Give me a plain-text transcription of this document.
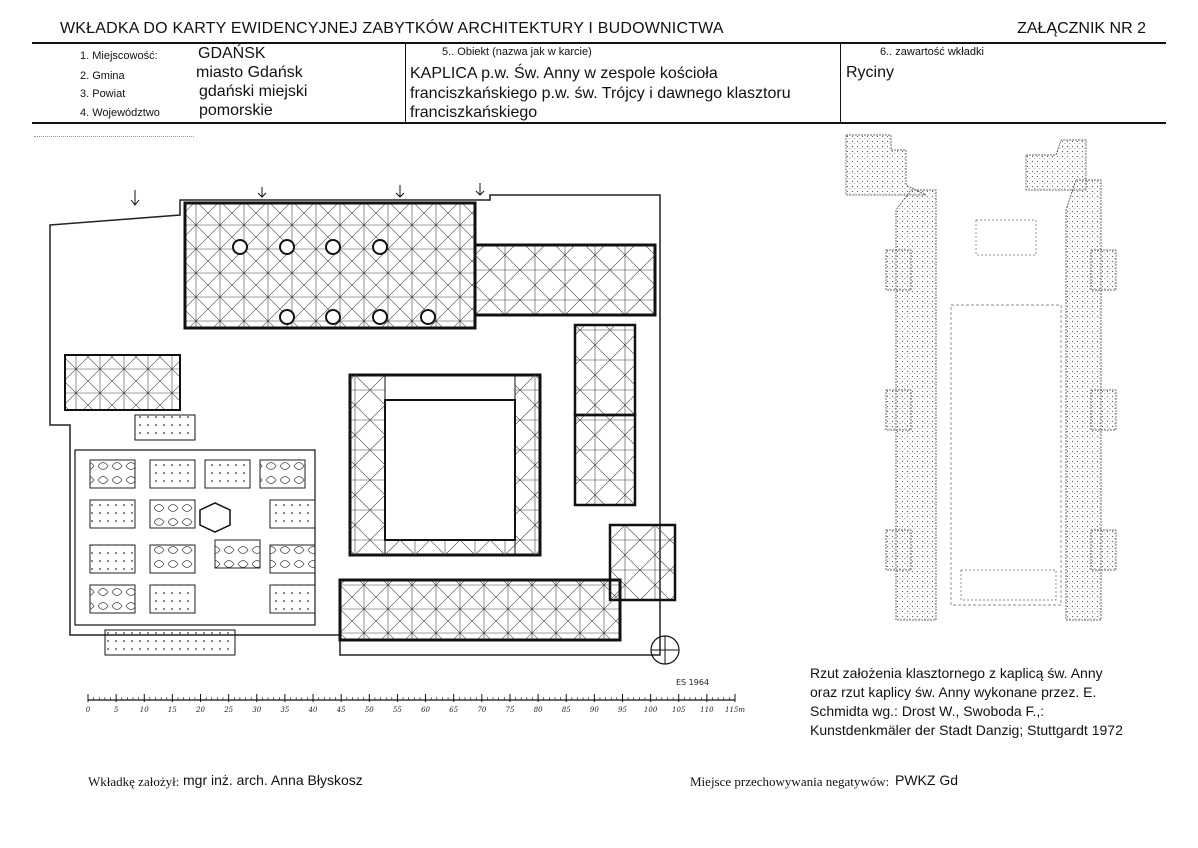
WKŁADKA DO KARTY EWIDENCYJNEJ ZABYTKÓW ARCHITEKTURY I BUDOWNICTWA	ZAŁĄCZNIK NR 2
1. Miejscowość:	GDAŃSK
2. Gmina	miasto Gdańsk
3. Powiat	gdański miejski
4. Województwo pomorskie
5.. Obiekt (nazwa jak w karcie)
KAPLICA p.w. Św. Anny w zespole kościoła
franciszkańskiego p.w. św. Trójcy i dawnego klasztoru
franciszkańskiego
6.. zawartość wkładki
Ryciny
ES 1964
0	5	10	15	20	25	30	35	40	45	50	55	60	65	70	75	80	85	90	95 100 105 110 115m
Rzut założenia klasztornego z kaplicą św. Anny
oraz rzut kaplicy św. Anny wykonane przez. E.
Schmidta wg.: Drost W., Swoboda F.,:
Kunstdenkmäler der Stadt Danzig; Stuttgardt 1972
Wkładkę założył: mgr inż. arch. Anna Błyskosz	Miejsce przechowywania negatywów: PWKZ Gd
